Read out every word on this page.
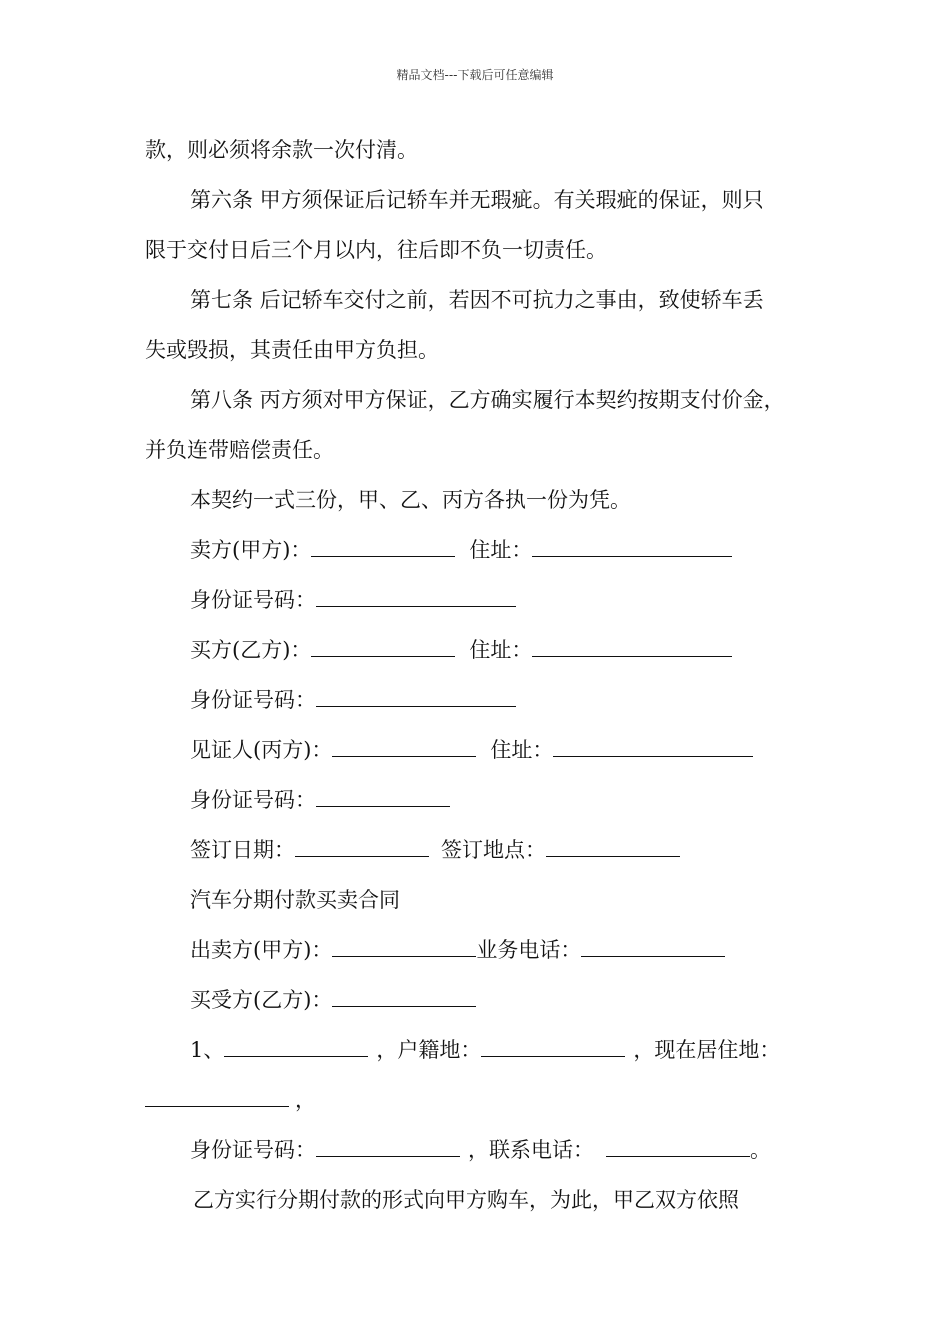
精品文档---下载后可任意编辑
款，则必须将余款一次付清。
第六条 甲方须保证后记轿车并无瑕疵。有关瑕疵的保证，则只
限于交付日后三个月以内，往后即不负一切责任。
第七条 后记轿车交付之前，若因不可抗力之事由，致使轿车丢
失或毁损，其责任由甲方负担。
第八条 丙方须对甲方保证，乙方确实履行本契约按期支付价金，
并负连带赔偿责任。
本契约一式三份，甲、乙、丙方各执一份为凭。
卖方(甲方)：	住址：
身份证号码：
买方(乙方)：	住址：
身份证号码：
见证人(丙方)：	住址：
身份证号码：
签订日期：	签订地点：
汽车分期付款买卖合同
出卖方(甲方)：	业务电话：
买受方(乙方)：
1、	，户籍地：	，现在居住地：
，
身份证号码：	，联系电话：	。
乙方实行分期付款的形式向甲方购车，为此，甲乙双方依照
